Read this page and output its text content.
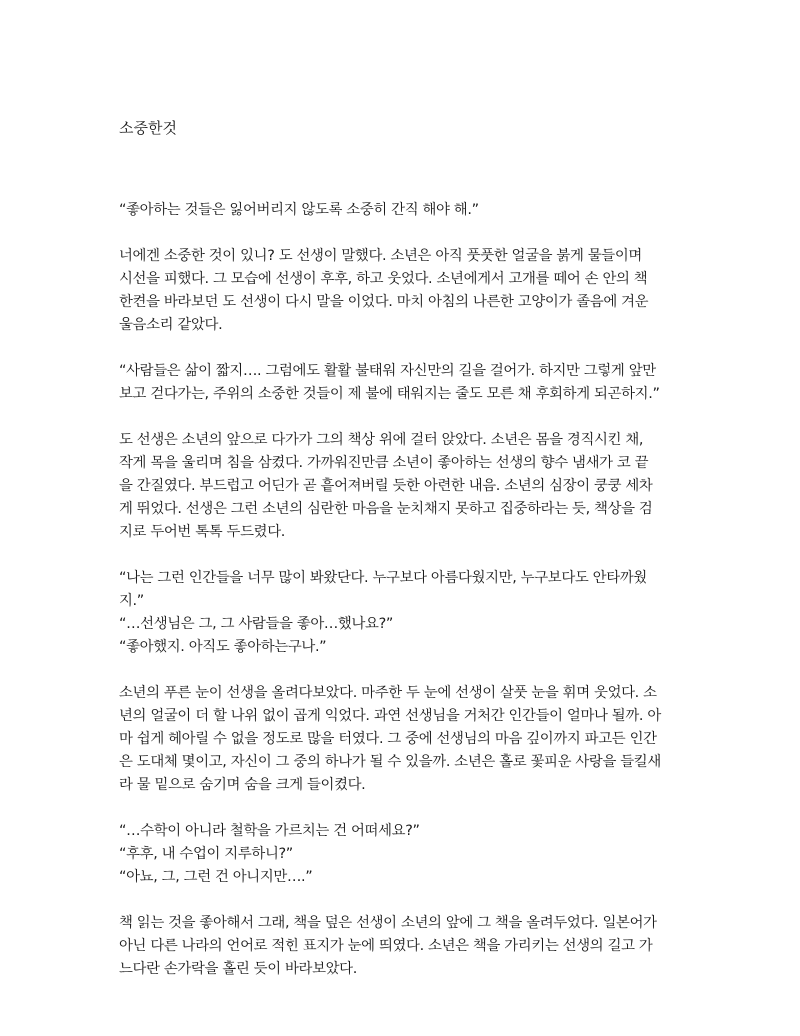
소중한것

“좋아하는 것들은 잃어버리지 않도록 소중히 간직 해야 해.”

너에겐 소중한 것이 있니? 도 선생이 말했다. 소년은 아직 풋풋한 얼굴을 붉게 물들이며
시선을 피했다. 그 모습에 선생이 후후, 하고 웃었다. 소년에게서 고개를 떼어 손 안의 책
한켠을 바라보던 도 선생이 다시 말을 이었다. 마치 아침의 나른한 고양이가 졸음에 겨운
울음소리 같았다.

“사람들은 삶이 짧지…. 그럼에도 활활 불태워 자신만의 길을 걸어가. 하지만 그렇게 앞만
보고 걷다가는, 주위의 소중한 것들이 제 불에 태워지는 줄도 모른 채 후회하게 되곤하지.”

도 선생은 소년의 앞으로 다가가 그의 책상 위에 걸터 앉았다. 소년은 몸을 경직시킨 채,
작게 목을 울리며 침을 삼켰다. 가까워진만큼 소년이 좋아하는 선생의 향수 냄새가 코 끝
을 간질였다. 부드럽고 어딘가 곧 흩어져버릴 듯한 아련한 내음. 소년의 심장이 쿵쿵 세차
게 뛰었다. 선생은 그런 소년의 심란한 마음을 눈치채지 못하고 집중하라는 듯, 책상을 검
지로 두어번 톡톡 두드렸다.

“나는 그런 인간들을 너무 많이 봐왔단다. 누구보다 아름다웠지만, 누구보다도 안타까웠
지.”
“…선생님은 그, 그 사람들을 좋아…했나요?”
“좋아했지. 아직도 좋아하는구나.”

소년의 푸른 눈이 선생을 올려다보았다. 마주한 두 눈에 선생이 살풋 눈을 휘며 웃었다. 소
년의 얼굴이 더 할 나위 없이 곱게 익었다. 과연 선생님을 거처간 인간들이 얼마나 될까. 아
마 쉽게 헤아릴 수 없을 정도로 많을 터였다. 그 중에 선생님의 마음 깊이까지 파고든 인간
은 도대체 몇이고, 자신이 그 중의 하나가 될 수 있을까. 소년은 홀로 꽃피운 사랑을 들킬새
라 물 밑으로 숨기며 숨을 크게 들이켰다.

“…수학이 아니라 철학을 가르치는 건 어떠세요?”
“후후, 내 수업이 지루하니?”
“아뇨, 그, 그런 건 아니지만….”

책 읽는 것을 좋아해서 그래, 책을 덮은 선생이 소년의 앞에 그 책을 올려두었다. 일본어가
아닌 다른 나라의 언어로 적힌 표지가 눈에 띄였다. 소년은 책을 가리키는 선생의 길고 가
느다란 손가락을 홀린 듯이 바라보았다.
